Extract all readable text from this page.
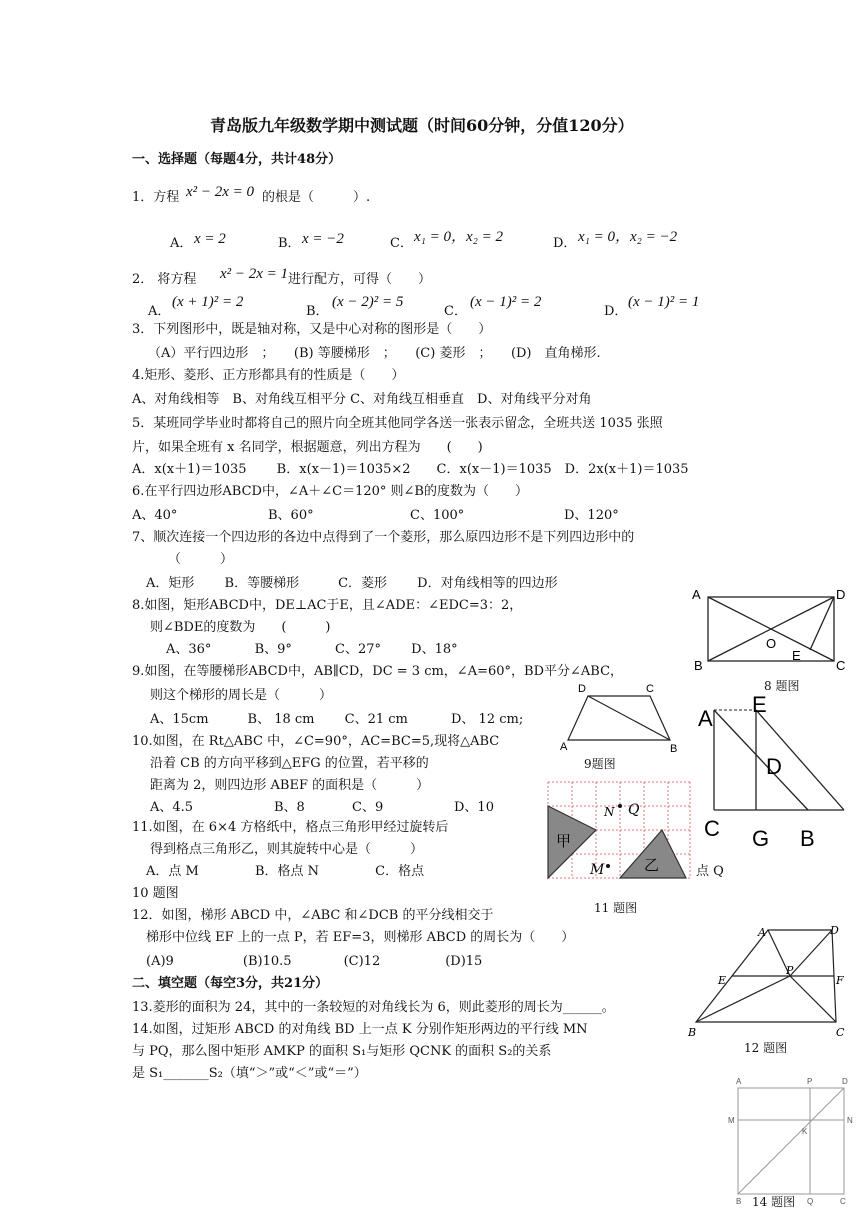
青岛版九年级数学期中测试题（时间60分钟，分值120分）
一、选择题（每题4分，共计48分）
1．方程 x² − 2x = 0 的根是（　　　）.
A． x = 2	B． x = −2	C． x₁ = 0，x₂ = 2	D． x₁ = 0，x₂ = −2
2． 将方程 x² − 2x = 1 进行配方，可得（　　）
A．
(x + 1)² = 2
B．
(x − 2)² = 5
C．
(x − 1)² = 2
D．
(x − 1)² = 1
3．下列图形中，既是轴对称，又是中心对称的图形是（　　）
（A）平行四边形　；　　(B) 等腰梯形　；　　(C) 菱形　；　　(D)　直角梯形.
4.矩形、菱形、正方形都具有的性质是（　　）
A、对角线相等　B、对角线互相平分 C、对角线互相垂直　D、对角线平分对角
5．某班同学毕业时都将自己的照片向全班其他同学各送一张表示留念，全班共送 1035 张照
片，如果全班有 x 名同学，根据题意，列出方程为　　(　　)
A．x(x＋1)＝1035　　 B．x(x－1)＝1035×2　　C．x(x－1)＝1035　D．2x(x＋1)＝1035
6.在平行四边形ABCD中，∠A＋∠C＝120° 则∠B的度数为（　　）
A、40°	B、60°	C、100°	D、120°
7、顺次连接一个四边形的各边中点得到了一个菱形，那么原四边形不是下列四边形中的
（　　　）
A．矩形　　 B．等腰梯形　　　C．菱形　　 D．对角线相等的四边形
8.如图，矩形ABCD中，DE⊥AC于E，且∠ADE：∠EDC=3：2，
则∠BDE的度数为　　(　　　)
A、36°　　　 B、9°　　　 C、27°　　 D、18°
9.如图，在等腰梯形ABCD中，AB∥CD，DC = 3 cm，∠A=60°，BD平分∠ABC，
则这个梯形的周长是（　　　）
A、15cm　　　B、 18 cm　　 C、21 cm　　　 D、 12 cm;
10.如图，在 Rt△ABC 中，∠C=90°，AC=BC=5,现将△ABC
沿着 CB 的方向平移到△EFG 的位置，若平移的
距离为 2，则四边形 ABEF 的面积是（　　　）
A、4.5	B、8	C、9	D、10
11.如图，在 6×4 方格纸中，格点三角形甲经过旋转后
得到格点三角形乙，则其旋转中心是（　　　）
A．点 M　　　　 B．格点 N　　　　 C．格点	点 Q
10 题图
12．如图，梯形 ABCD 中，∠ABC 和∠DCB 的平分线相交于
梯形中位线 EF 上的一点 P，若 EF=3，则梯形 ABCD 的周长为（　　）
(A)9　　　　　 (B)10.5　　　　(C)12　　　　　(D)15
二、填空题（每空3分，共21分）
13.菱形的面积为 24，其中的一条较短的对角线长为 6，则此菱形的周长为______。
14.如图，过矩形 ABCD 的对角线 BD 上一点 K 分别作矩形两边的平行线 MN
与 PQ，那么图中矩形 AMKP 的面积 S₁与矩形 QCNK 的面积 S₂的关系
是 S₁_______S₂（填“＞”或“＜”或“＝”）
A	D
B	C
O
E
8 题图
D	C
A	B
9题图
A
E
D
C G B
甲
乙
N Q
M
11 题图
A	D
E
P
F
B	C
12 题图
A	P	D
M	N
K
B	Q	C
14 题图
